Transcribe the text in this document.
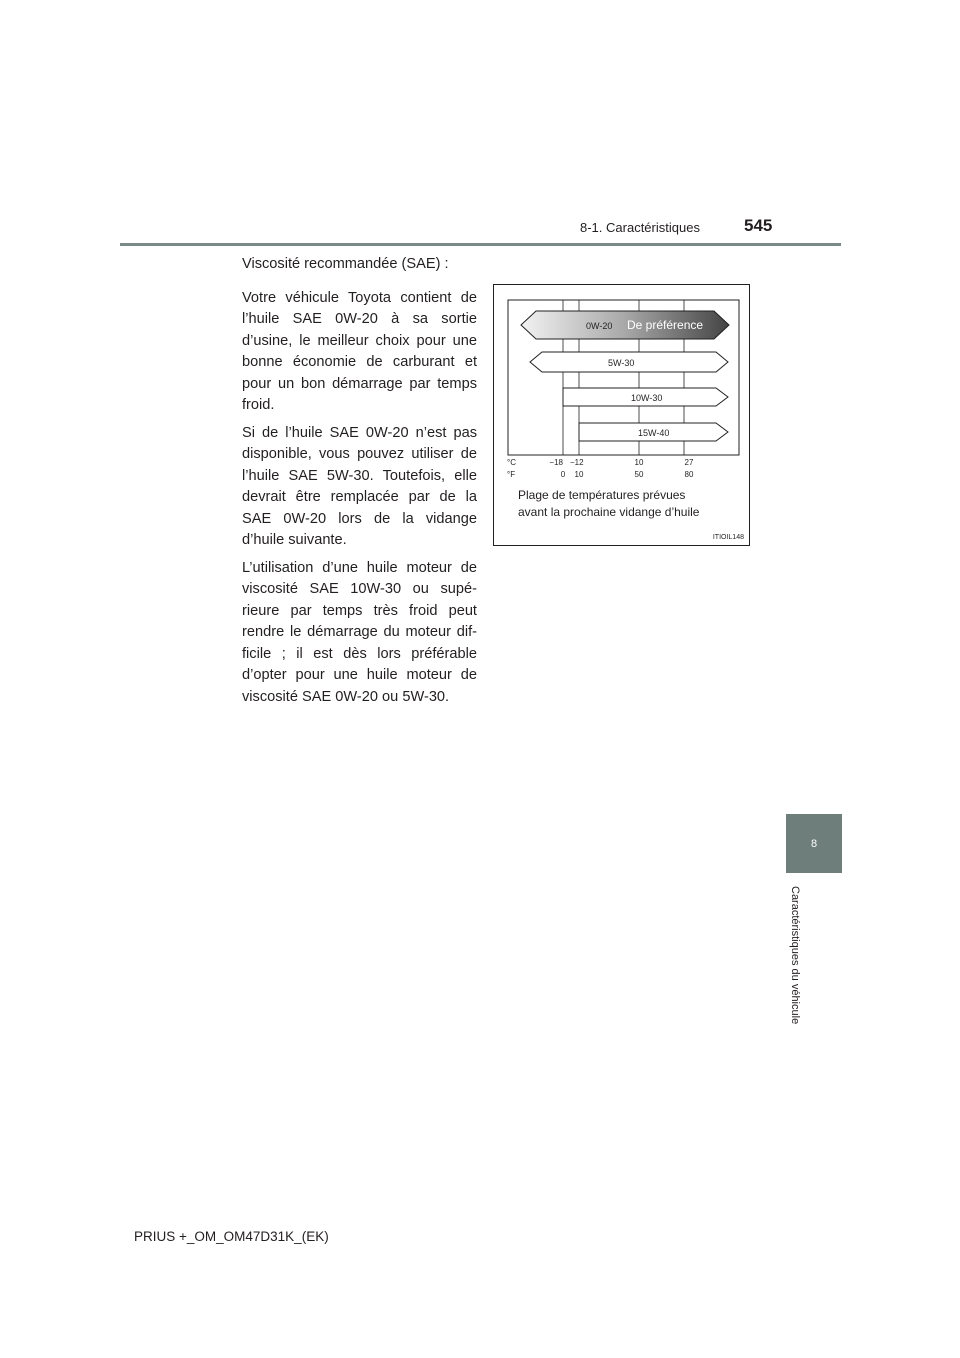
8-1. Caractéristiques	545

Viscosité recommandée (SAE) :

Votre véhicule Toyota contient de l’huile SAE 0W-20 à sa sortie d’usine, le meilleur choix pour une bonne économie de carburant et pour un bon démarrage par temps froid.

Si de l’huile SAE 0W-20 n’est pas disponible, vous pouvez utiliser de l’huile SAE 5W-30. Toutefois, elle devrait être remplacée par de la SAE 0W-20 lors de la vidange d’huile suivante.

L’utilisation d’une huile moteur de viscosité SAE 10W-30 ou supé-rieure par temps très froid peut rendre le démarrage du moteur dif-ficile ; il est dès lors préférable d’opter pour une huile moteur de viscosité SAE 0W-20 ou 5W-30.

0W-20 De préférence
5W-30
10W-30
15W-40
°C
°F
−18 −12	10	27
0 10	50	80
Plage de températures prévues
avant la prochaine vidange d’huile
ITIOIL148
8
Caractéristiques du véhicule
PRIUS +_OM_OM47D31K_(EK)
